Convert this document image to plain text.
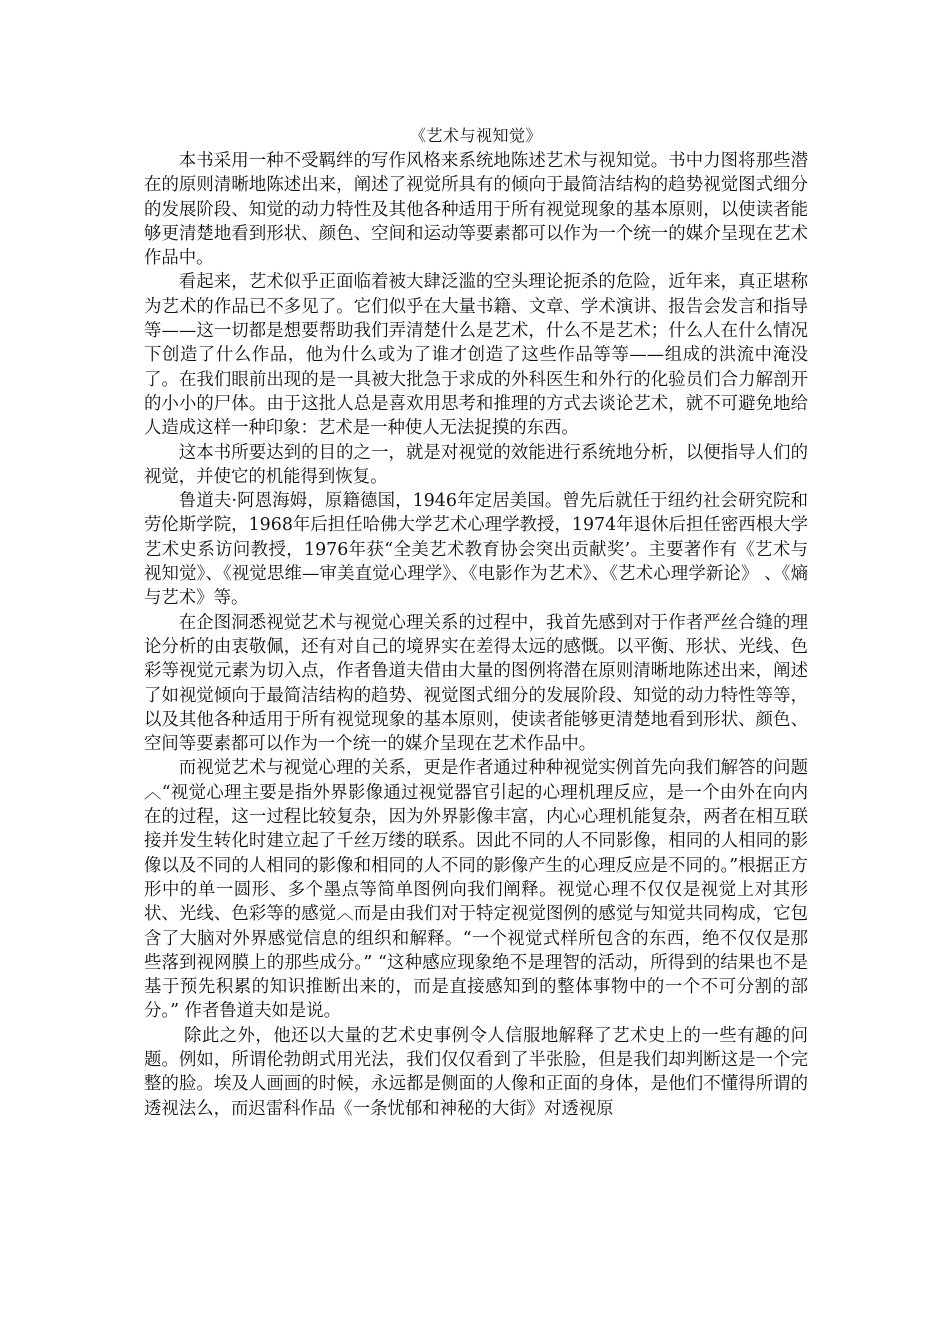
《艺术与视知觉》

本书采用一种不受羁绊的写作风格来系统地陈述艺术与视知觉。书中力图将那些潜在的原则清晰地陈述出来，阐述了视觉所具有的倾向于最简洁结构的趋势视觉图式细分的发展阶段、知觉的动力特性及其他各种适用于所有视觉现象的基本原则，以使读者能够更清楚地看到形状、颜色、空间和运动等要素都可以作为一个统一的媒介呈现在艺术作品中。

看起来，艺术似乎正面临着被大肆泛滥的空头理论扼杀的危险，近年来，真正堪称为艺术的作品已不多见了。它们似乎在大量书籍、文章、学术演讲、报告会发言和指导等——这一切都是想要帮助我们弄清楚什么是艺术，什么不是艺术；什么人在什么情况下创造了什么作品，他为什么或为了谁才创造了这些作品等等——组成的洪流中淹没了。在我们眼前出现的是一具被大批急于求成的外科医生和外行的化验员们合力解剖开的小小的尸体。由于这批人总是喜欢用思考和推理的方式去谈论艺术，就不可避免地给人造成这样一种印象：艺术是一种使人无法捉摸的东西。

这本书所要达到的目的之一，就是对视觉的效能进行系统地分析，以便指导人们的视觉，并使它的机能得到恢复。

鲁道夫·阿恩海姆，原籍德国，1946年定居美国。曾先后就任于纽约社会研究院和劳伦斯学院，1968年后担任哈佛大学艺术心理学教授，1974年退休后担任密西根大学艺术史系访问教授，1976年获“全美艺术教育协会突出贡献奖’。主要著作有《艺术与视知觉》、《视觉思维—审美直觉心理学》、《电影作为艺术》、《艺术心理学新论》 、《熵与艺术》等。

在企图洞悉视觉艺术与视觉心理关系的过程中，我首先感到对于作者严丝合缝的理论分析的由衷敬佩，还有对自己的境界实在差得太远的感慨。以平衡、形状、光线、色彩等视觉元素为切入点，作者鲁道夫借由大量的图例将潜在原则清晰地陈述出来，阐述了如视觉倾向于最简洁结构的趋势、视觉图式细分的发展阶段、知觉的动力特性等等，以及其他各种适用于所有视觉现象的基本原则，使读者能够更清楚地看到形状、颜色、空间等要素都可以作为一个统一的媒介呈现在艺术作品中。

而视觉艺术与视觉心理的关系，更是作者通过种种视觉实例首先向我们解答的问题︿“视觉心理主要是指外界影像通过视觉器官引起的心理机理反应，是一个由外在向内在的过程，这一过程比较复杂，因为外界影像丰富，内心心理机能复杂，两者在相互联接并发生转化时建立起了千丝万缕的联系。因此不同的人不同影像，相同的人相同的影像以及不同的人相同的影像和相同的人不同的影像产生的心理反应是不同的。”根据正方形中的单一圆形、多个墨点等简单图例向我们阐释。视觉心理不仅仅是视觉上对其形状、光线、色彩等的感觉︿而是由我们对于特定视觉图例的感觉与知觉共同构成，它包含了大脑对外界感觉信息的组织和解释。“一个视觉式样所包含的东西，绝不仅仅是那些落到视网膜上的那些成分。” “这种感应现象绝不是理智的活动，所得到的结果也不是基于预先积累的知识推断出来的，而是直接感知到的整体事物中的一个不可分割的部分。” 作者鲁道夫如是说。

除此之外，他还以大量的艺术史事例令人信服地解释了艺术史上的一些有趣的问题。例如，所谓伦勃朗式用光法，我们仅仅看到了半张脸，但是我们却判断这是一个完整的脸。埃及人画画的时候，永远都是侧面的人像和正面的身体，是他们不懂得所谓的透视法么，而迟雷科作品《一条忧郁和神秘的大街》对透视原
